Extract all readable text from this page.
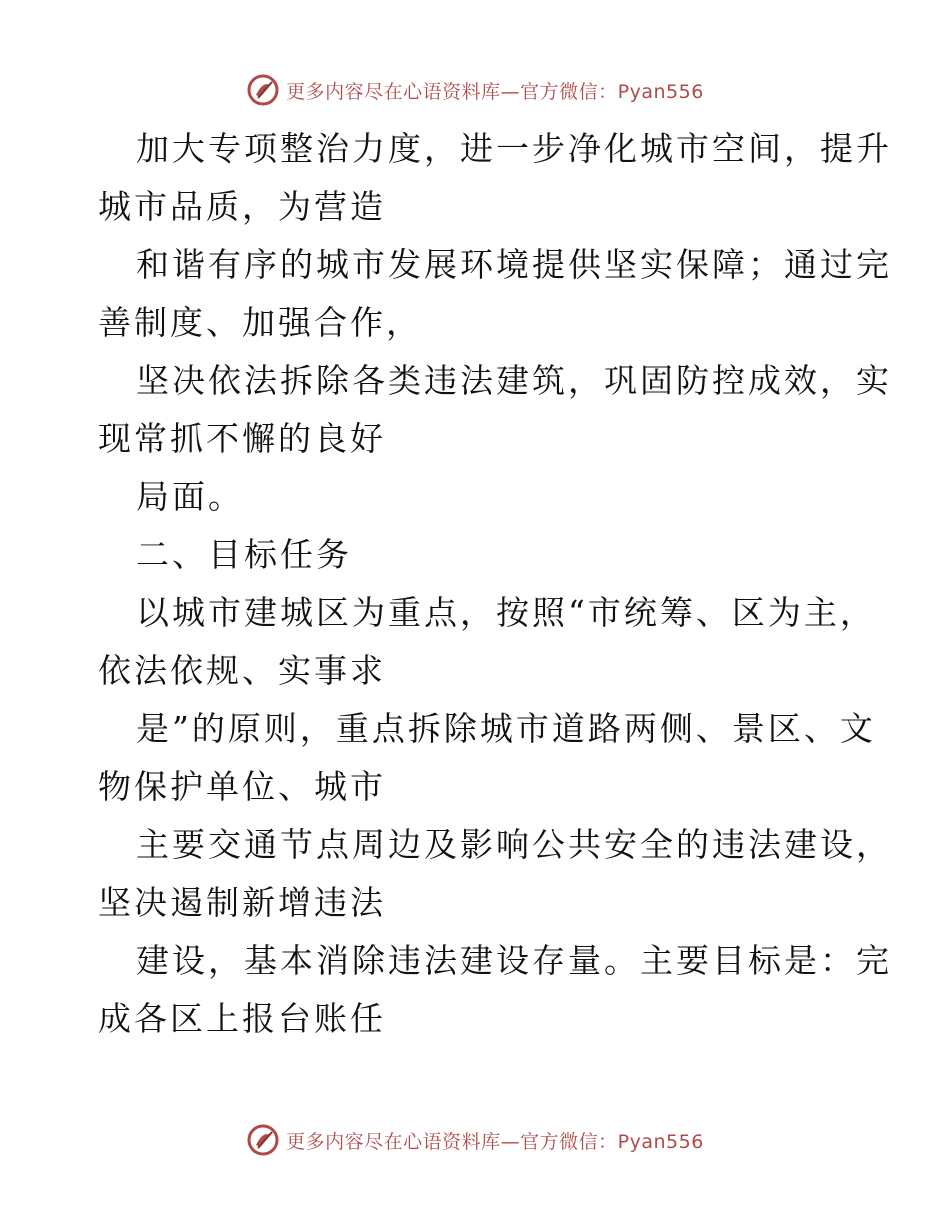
更多内容尽在心语资料库—官方微信：Pyan556
加大专项整治力度，进一步净化城市空间，提升
城市品质，为营造
和谐有序的城市发展环境提供坚实保障；通过完
善制度、加强合作，
坚决依法拆除各类违法建筑，巩固防控成效，实
现常抓不懈的良好
局面。
二、目标任务
以城市建城区为重点，按照“市统筹、区为主，
依法依规、实事求
是”的原则，重点拆除城市道路两侧、景区、文
物保护单位、城市
主要交通节点周边及影响公共安全的违法建设，
坚决遏制新增违法
建设，基本消除违法建设存量。主要目标是：完
成各区上报台账任
更多内容尽在心语资料库—官方微信：Pyan556
